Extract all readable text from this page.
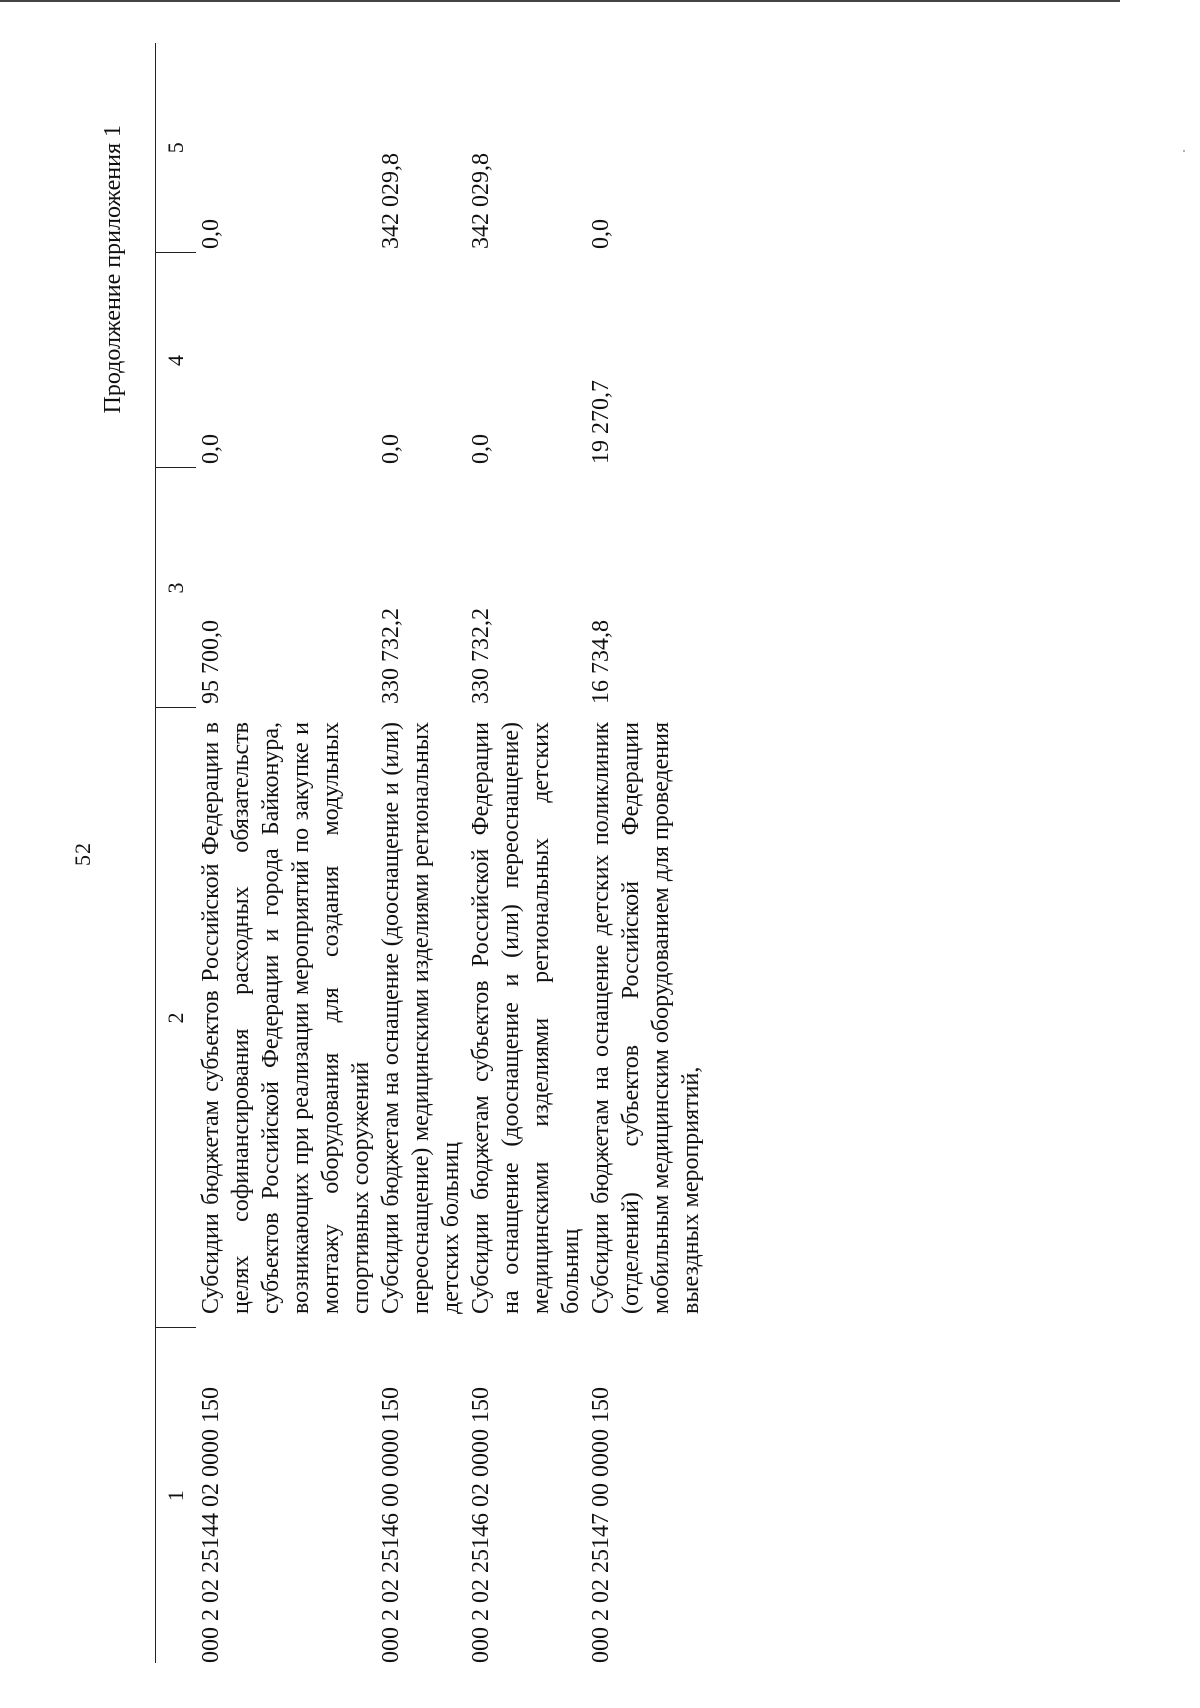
52
Продолжение приложения 1
1	2	3	4	5
000 2 02 25144 02 0000 150	Субсидии бюджетам субъектов Российской Федерации в целях софинансирования расходных обязательств субъектов Российской Федерации и города Байконура, возникающих при реализации мероприятий по закупке и монтажу оборудования для создания модульных спортивных сооружений	95 700,0	0,0	0,0
000 2 02 25146 00 0000 150	Субсидии бюджетам на оснащение (дооснащение и (или) переоснащение) медицинскими изделиями региональных детских больниц	330 732,2	0,0	342 029,8
000 2 02 25146 02 0000 150	Субсидии бюджетам субъектов Российской Федерации на оснащение (дооснащение и (или) переоснащение) медицинскими изделиями региональных детских больниц	330 732,2	0,0	342 029,8
000 2 02 25147 00 0000 150	Субсидии бюджетам на оснащение детских поликлиник (отделений) субъектов Российской Федерации мобильным медицинским оборудованием для проведения выездных мероприятий,	16 734,8	19 270,7	0,0
